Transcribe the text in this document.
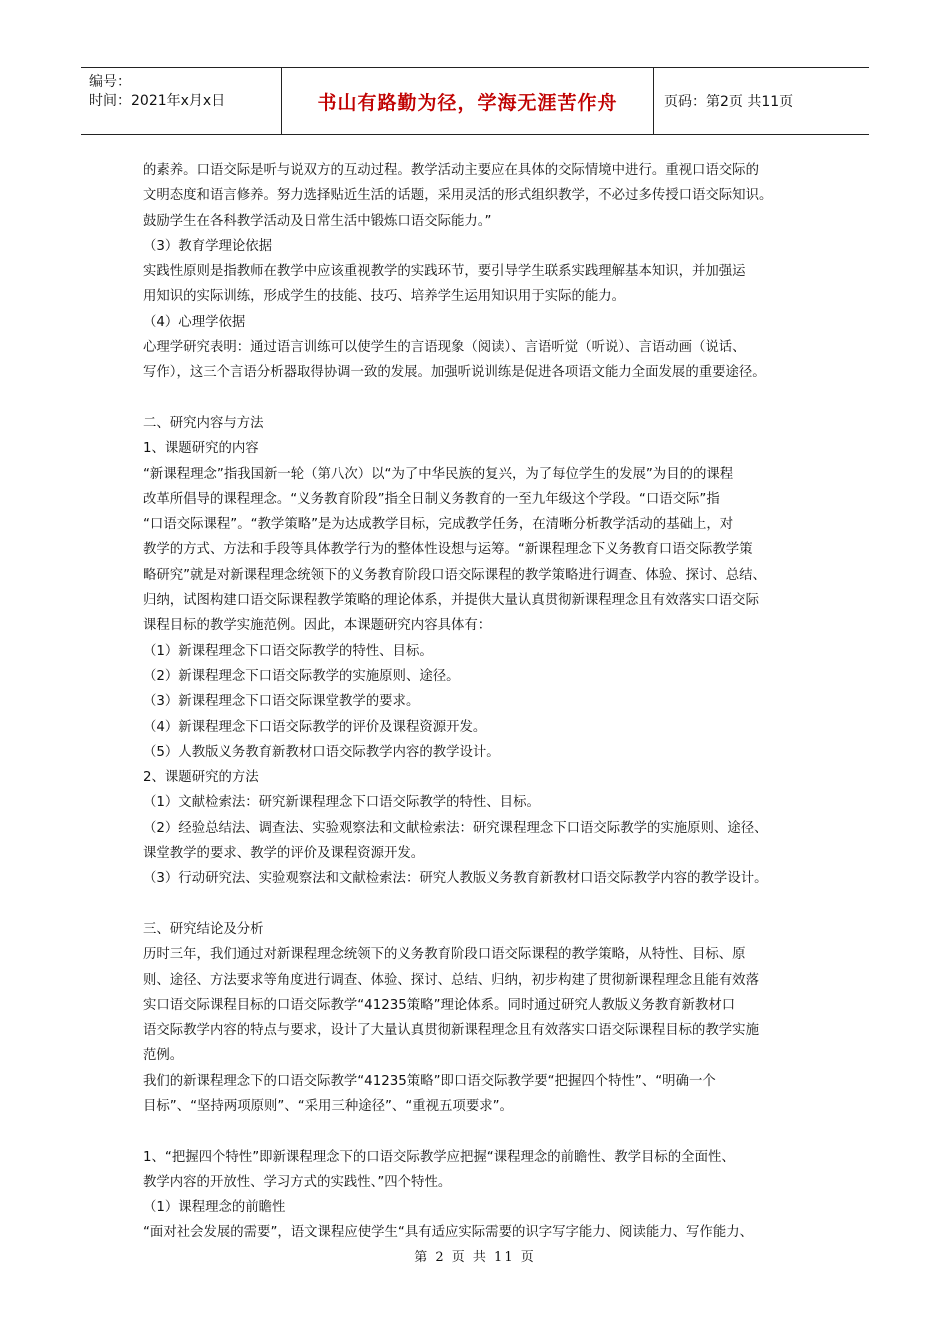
编号：
时间：2021年x月x日	书山有路勤为径，学海无涯苦作舟	页码：第2页 共11页

的素养。口语交际是听与说双方的互动过程。教学活动主要应在具体的交际情境中进行。重视口语交际的

文明态度和语言修养。努力选择贴近生活的话题，采用灵活的形式组织教学，不必过多传授口语交际知识。

鼓励学生在各科教学活动及日常生活中锻炼口语交际能力。”

（3）教育学理论依据

实践性原则是指教师在教学中应该重视教学的实践环节，要引导学生联系实践理解基本知识，并加强运

用知识的实际训练，形成学生的技能、技巧、培养学生运用知识用于实际的能力。

（4）心理学依据

心理学研究表明：通过语言训练可以使学生的言语现象（阅读）、言语听觉（听说）、言语动画（说话、

写作），这三个言语分析器取得协调一致的发展。加强听说训练是促进各项语文能力全面发展的重要途径。

二、研究内容与方法

1、课题研究的内容

“新课程理念”指我国新一轮（第八次）以“为了中华民族的复兴，为了每位学生的发展”为目的的课程

改革所倡导的课程理念。“义务教育阶段”指全日制义务教育的一至九年级这个学段。“口语交际”指

“口语交际课程”。“教学策略”是为达成教学目标，完成教学任务，在清晰分析教学活动的基础上，对

教学的方式、方法和手段等具体教学行为的整体性设想与运筹。“新课程理念下义务教育口语交际教学策

略研究”就是对新课程理念统领下的义务教育阶段口语交际课程的教学策略进行调查、体验、探讨、总结、

归纳，试图构建口语交际课程教学策略的理论体系，并提供大量认真贯彻新课程理念且有效落实口语交际

课程目标的教学实施范例。因此，本课题研究内容具体有：

（1）新课程理念下口语交际教学的特性、目标。

（2）新课程理念下口语交际教学的实施原则、途径。

（3）新课程理念下口语交际课堂教学的要求。

（4）新课程理念下口语交际教学的评价及课程资源开发。

（5）人教版义务教育新教材口语交际教学内容的教学设计。

2、课题研究的方法

（1）文献检索法：研究新课程理念下口语交际教学的特性、目标。

（2）经验总结法、调查法、实验观察法和文献检索法：研究课程理念下口语交际教学的实施原则、途径、

课堂教学的要求、教学的评价及课程资源开发。

（3）行动研究法、实验观察法和文献检索法：研究人教版义务教育新教材口语交际教学内容的教学设计。

三、研究结论及分析

历时三年，我们通过对新课程理念统领下的义务教育阶段口语交际课程的教学策略，从特性、目标、原

则、途径、方法要求等角度进行调查、体验、探讨、总结、归纳，初步构建了贯彻新课程理念且能有效落

实口语交际课程目标的口语交际教学“41235策略”理论体系。同时通过研究人教版义务教育新教材口

语交际教学内容的特点与要求，设计了大量认真贯彻新课程理念且有效落实口语交际课程目标的教学实施

范例。

我们的新课程理念下的口语交际教学“41235策略”即口语交际教学要“把握四个特性”、“明确一个

目标”、“坚持两项原则”、“采用三种途径”、“重视五项要求”。

1、“把握四个特性”即新课程理念下的口语交际教学应把握“课程理念的前瞻性、教学目标的全面性、

教学内容的开放性、学习方式的实践性、”四个特性。

（1）课程理念的前瞻性

“面对社会发展的需要”，语文课程应使学生“具有适应实际需要的识字写字能力、阅读能力、写作能力、

第 2 页 共 11 页
